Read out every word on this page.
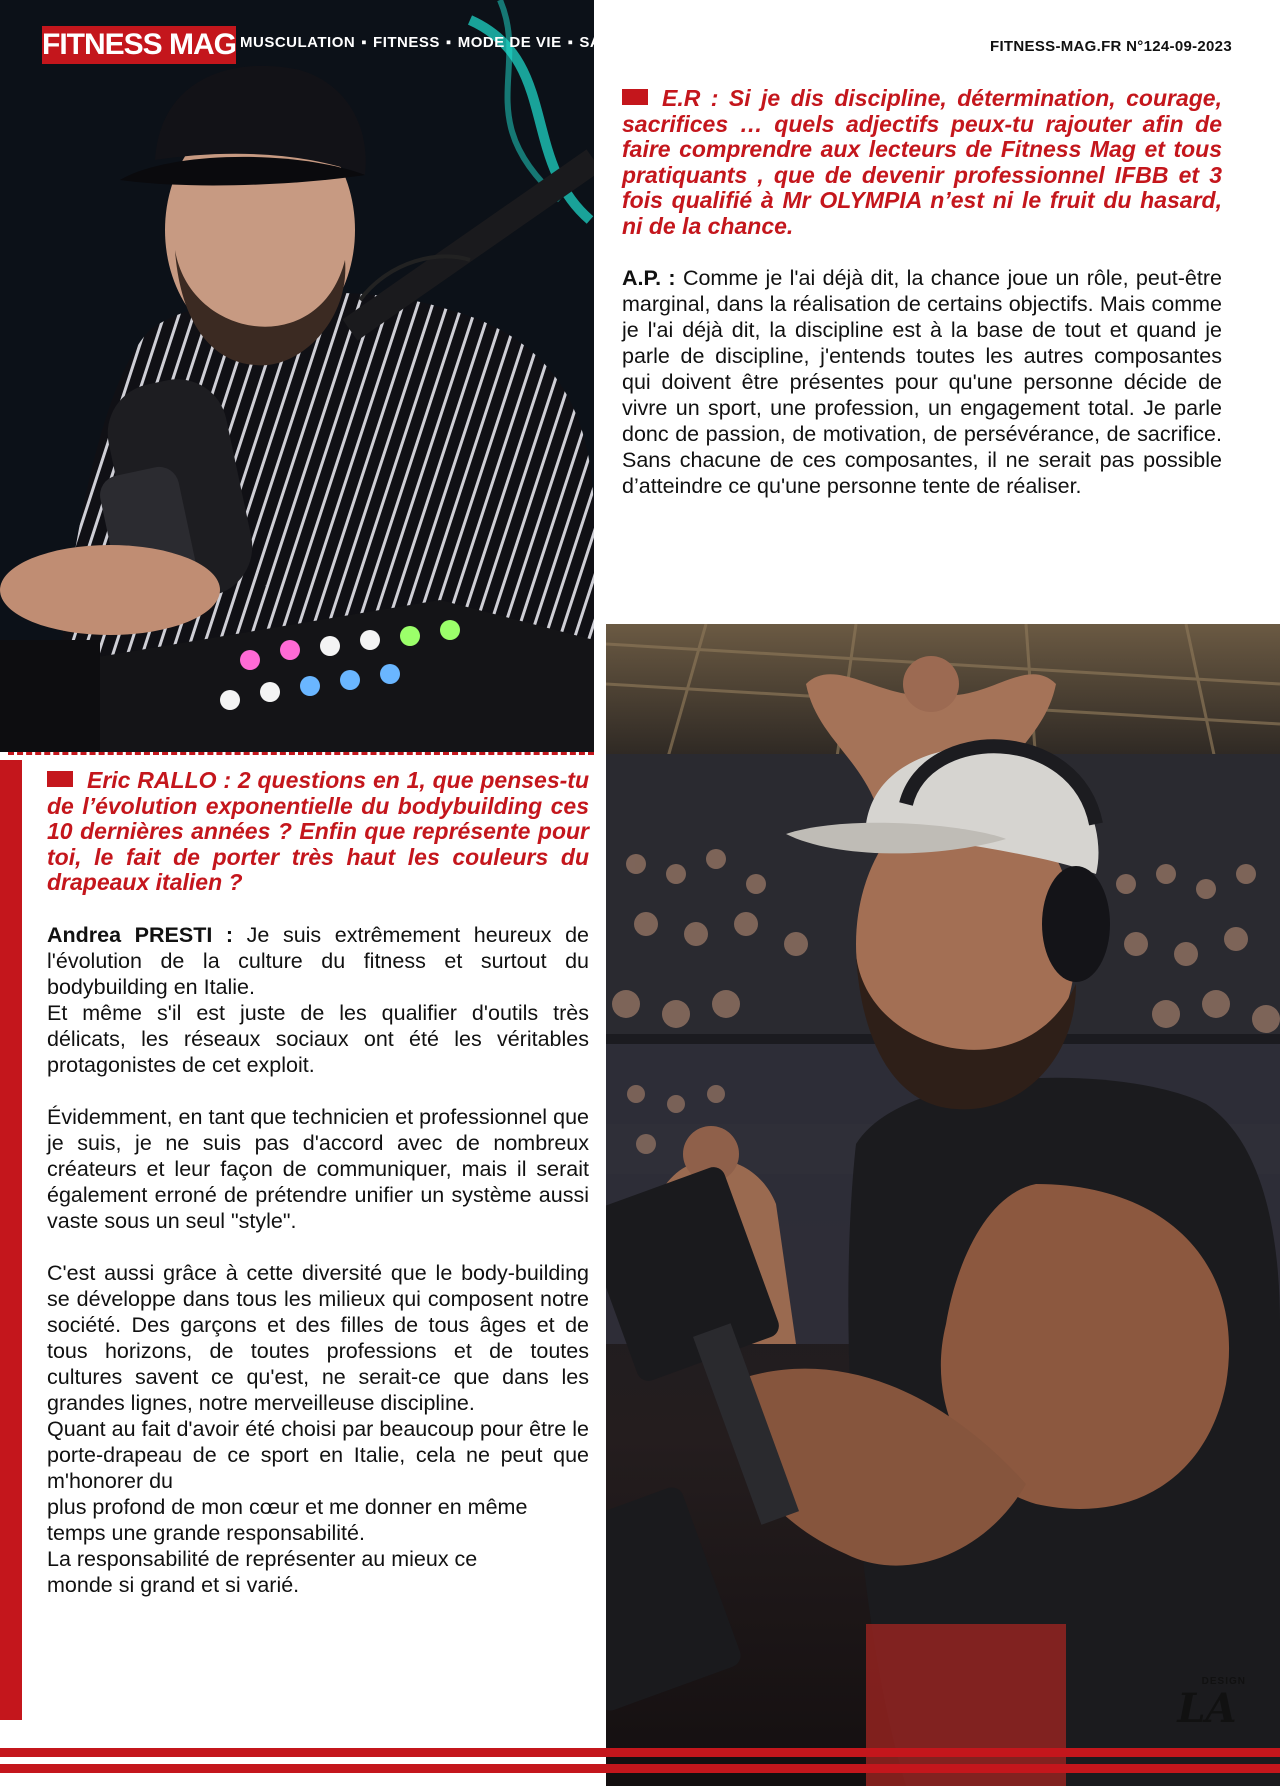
FITNESS MAG MUSCULATION ▪ FITNESS ▪ MODE DE VIE ▪ SANTÉ ▪ BIEN-ÊTRE ▪ LONGÉVITÉ	FITNESS-MAG.FR N°124-09-2023

E.R : Si je dis discipline, détermination, courage, sacrifices … quels adjectifs peux-tu rajouter afin de faire comprendre aux lecteurs de Fitness Mag et tous pratiquants , que de devenir professionnel IFBB et 3 fois qualifié à Mr OLYMPIA n’est ni le fruit du hasard, ni de la chance.

A.P. : Comme je l'ai déjà dit, la chance joue un rôle, peut-être marginal, dans la réalisation de certains objectifs. Mais comme je l'ai déjà dit, la discipline est à la base de tout et quand je parle de discipline, j'entends toutes les autres composantes qui doivent être présentes pour qu'une personne décide de vivre un sport, une profession, un engagement total. Je parle donc de passion, de motivation, de persévérance, de sacrifice. Sans chacune de ces composantes, il ne serait pas possible d’atteindre ce qu'une personne tente de réaliser.

Eric RALLO : 2 questions en 1, que penses-tu de l’évolution exponentielle du bodybuilding ces 10 dernières années ? Enfin que représente pour toi, le fait de porter très haut les couleurs du drapeaux italien ?

Andrea PRESTI : Je suis extrêmement heureux de l'évolution de la culture du fitness et surtout du bodybuilding en Italie.

Et même s'il est juste de les qualifier d'outils très délicats, les réseaux sociaux ont été les véritables protagonistes de cet exploit.

Évidemment, en tant que technicien et professionnel que je suis, je ne suis pas d'accord avec de nombreux créateurs et leur façon de communiquer, mais il serait également erroné de prétendre unifier un système aussi vaste sous un seul "style".

C'est aussi grâce à cette diversité que le body-building se développe dans tous les milieux qui composent notre société. Des garçons et des filles de tous âges et de tous horizons, de toutes professions et de toutes cultures savent ce qu'est, ne serait-ce que dans les grandes lignes, notre merveilleuse discipline.

Quant au fait d'avoir été choisi par beaucoup pour être le porte-drapeau de ce sport en Italie, cela ne peut que m'honorer du

plus profond de mon cœur et me donner en même temps une grande responsabilité.

La responsabilité de représenter au mieux ce monde si grand et si varié.

DESIGN
LA
